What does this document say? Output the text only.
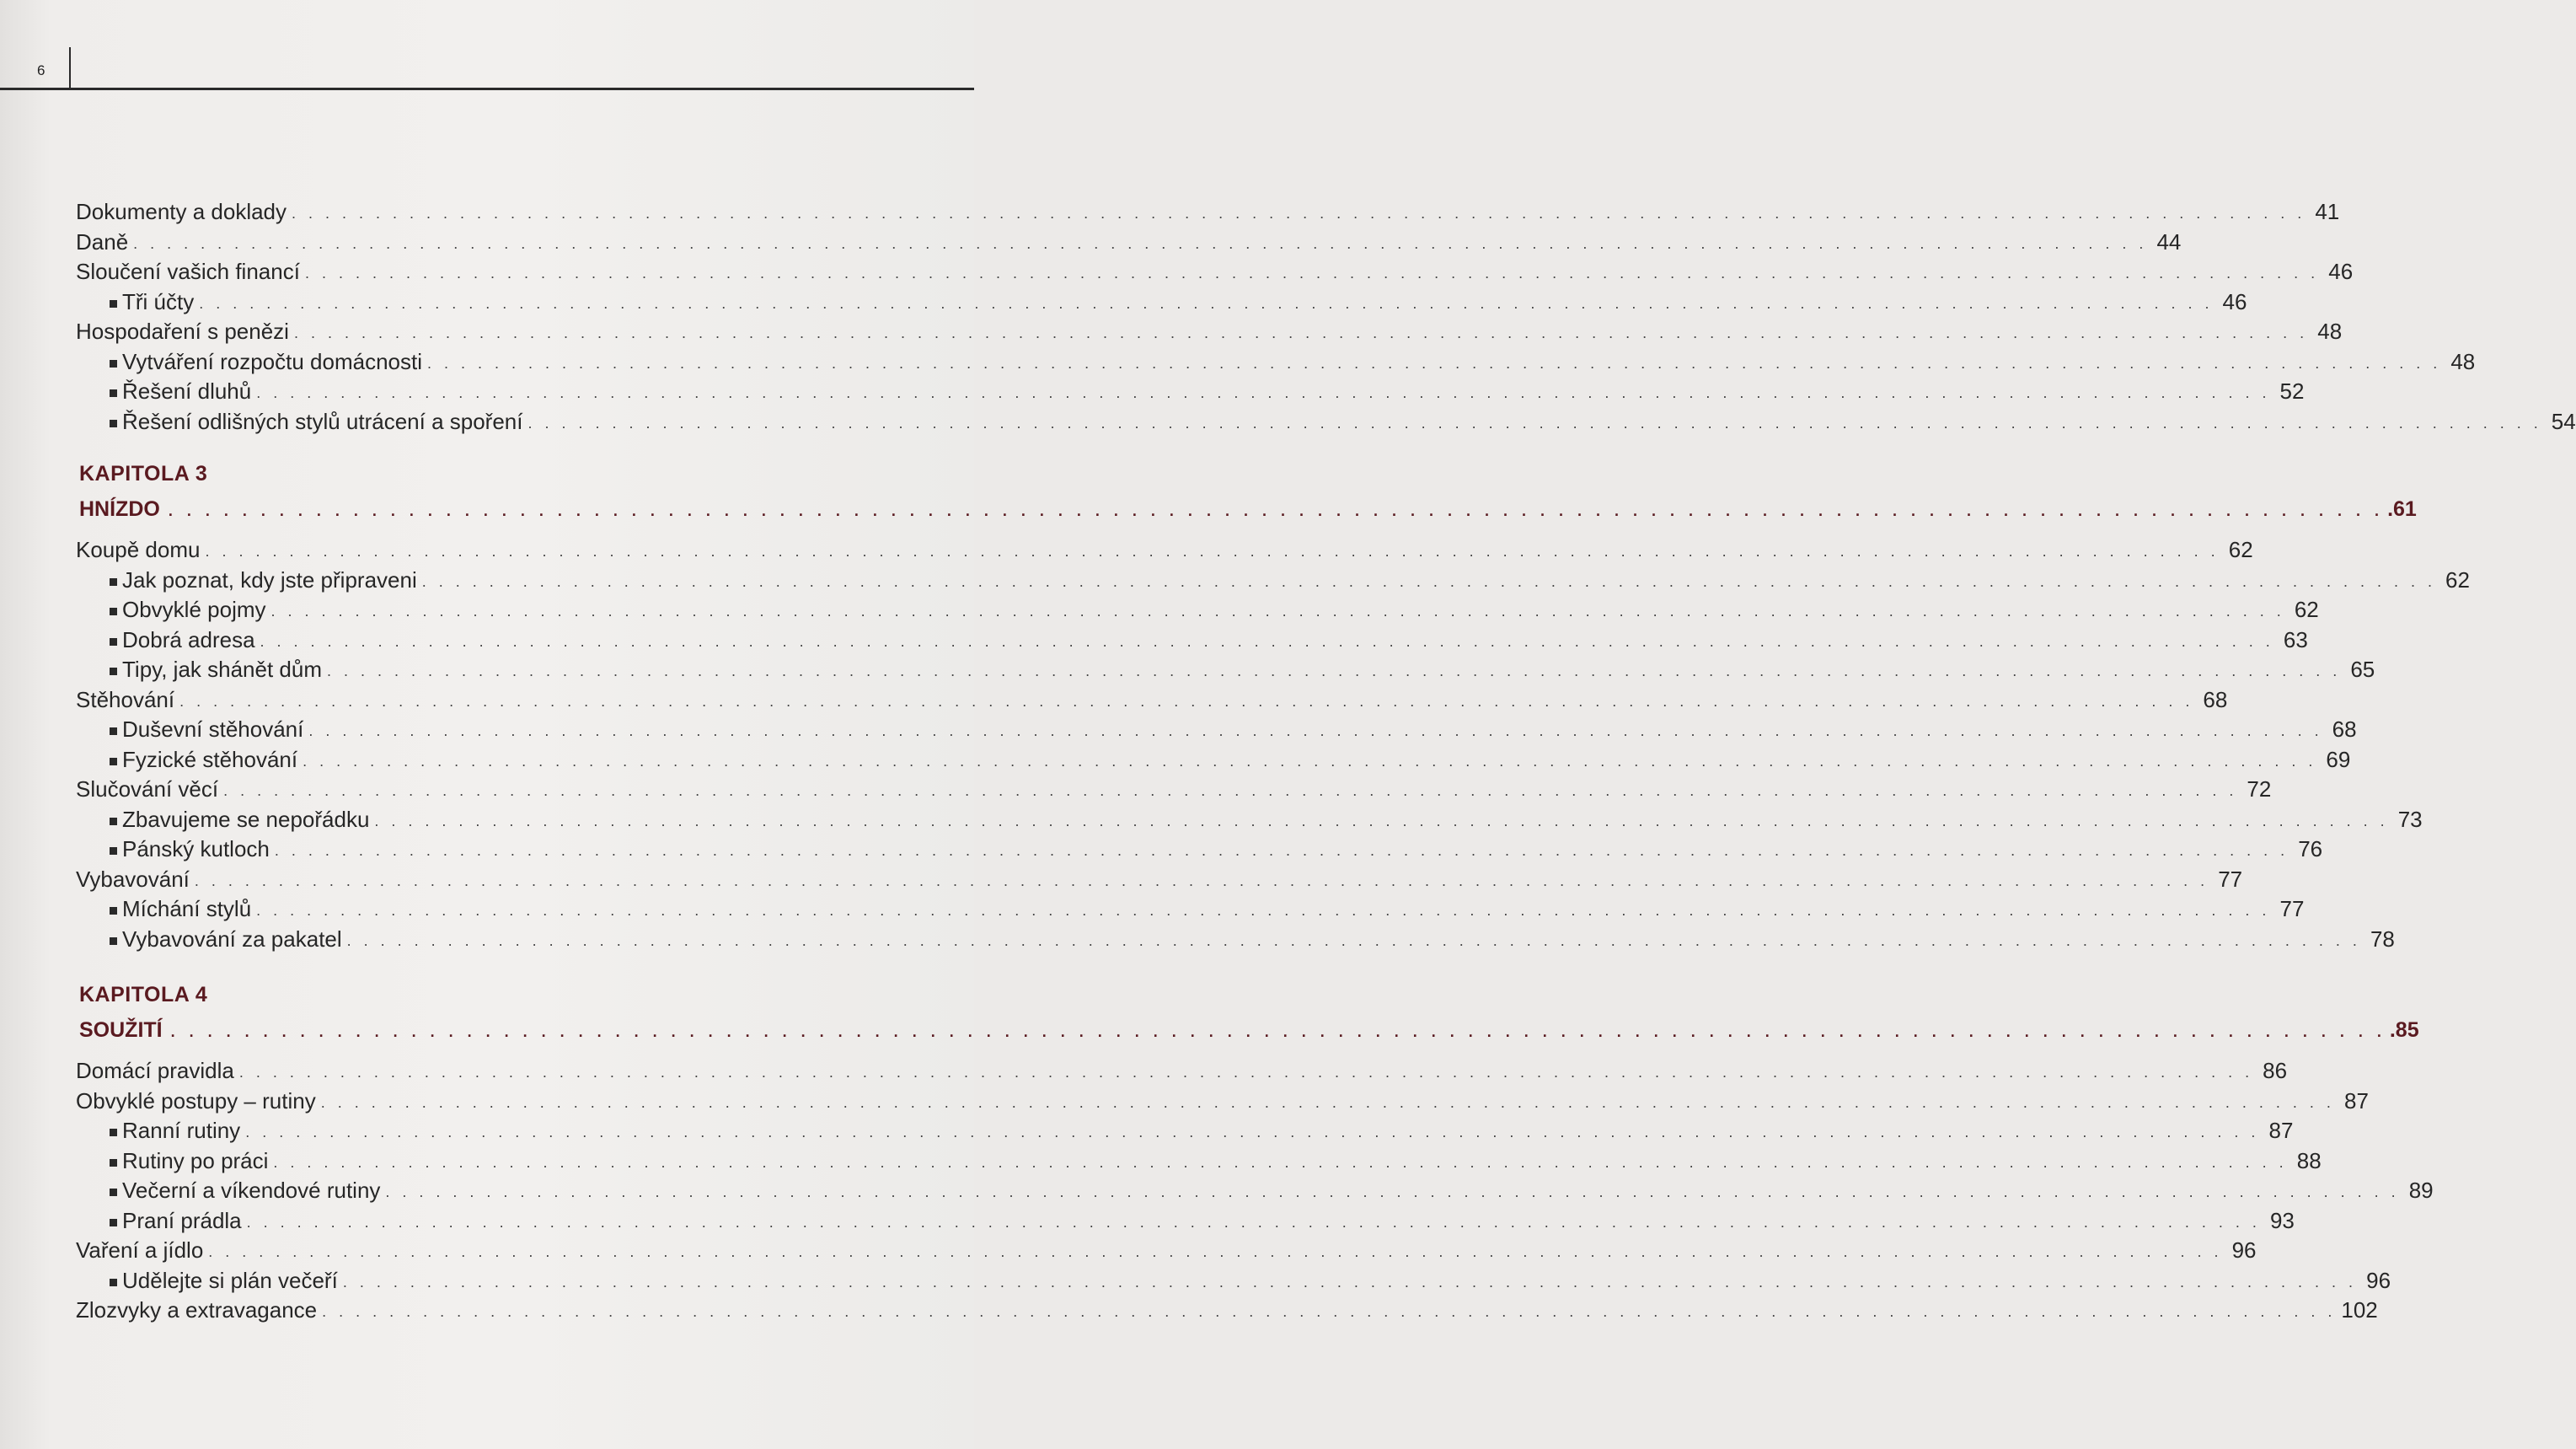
6
Dokumenty a doklady . . . . . . . . . . . . . . . . . . . . . . . . . . . . . . . . . . . . . . . . . . . . . . . . . . . . . . . . . . . . . . . . . . . . . . . . . . . . . . . . . . . . . . . . . . . . . . . . . . . . . . . . . . . . . . . . . . . . . . . . 41
Daně . . . . . . . . . . . . . . . . . . . . . . . . . . . . . . . . . . . . . . . . . . . . . . . . . . . . . . . . . . . . . . . . . . . . . . . . . . . . . . . . . . . . . . . . . . . . . . . . . . . . . . . . . . . . . . . . . . . . . . . . 44
Sloučení vašich financí . . . . . . . . . . . . . . . . . . . . . . . . . . . . . . . . . . . . . . . . . . . . . . . . . . . . . . . . . . . . . . . . . . . . . . . . . . . . . . . . . . . . . . . . . . . . . . . . . . . . . . . . . . . . . . . . . . . . . . . . 46
Tři účty . . . . . . . . . . . . . . . . . . . . . . . . . . . . . . . . . . . . . . . . . . . . . . . . . . . . . . . . . . . . . . . . . . . . . . . . . . . . . . . . . . . . . . . . . . . . . . . . . . . . . . . . . . . . . . . . . . . . . . . . 46
Hospodaření s penězi . . . . . . . . . . . . . . . . . . . . . . . . . . . . . . . . . . . . . . . . . . . . . . . . . . . . . . . . . . . . . . . . . . . . . . . . . . . . . . . . . . . . . . . . . . . . . . . . . . . . . . . . . . . . . . . . . . . . . . . . 48
Vytváření rozpočtu domácnosti . . . . . . . . . . . . . . . . . . . . . . . . . . . . . . . . . . . . . . . . . . . . . . . . . . . . . . . . . . . . . . . . . . . . . . . . . . . . . . . . . . . . . . . . . . . . . . . . . . . . . . . . . . . . . . . . . . . . . . . . 48
Řešení dluhů . . . . . . . . . . . . . . . . . . . . . . . . . . . . . . . . . . . . . . . . . . . . . . . . . . . . . . . . . . . . . . . . . . . . . . . . . . . . . . . . . . . . . . . . . . . . . . . . . . . . . . . . . . . . . . . . . . . . . . . . 52
Řešení odlišných stylů utrácení a spoření . . . . . . . . . . . . . . . . . . . . . . . . . . . . . . . . . . . . . . . . . . . . . . . . . . . . . . . . . . . . . . . . . . . . . . . . . . . . . . . . . . . . . . . . . . . . . . . . . . . . . . . . . . . . . . . . . . . . . . . . 54
KAPITOLA 3
HNÍZDO . . . . . . . . . . . . . . . . . . . . . . . . . . . . . . . . . . . . . . . . . . . . . . . . . . . . . . . . . . . . . . . . . . . . . . . . . . . . . . . . . . . . . . . . . . . . . . . . . . . . . . . . . . . . . . . . . . . . . . . . .61
Koupě domu . . . . . . . . . . . . . . . . . . . . . . . . . . . . . . . . . . . . . . . . . . . . . . . . . . . . . . . . . . . . . . . . . . . . . . . . . . . . . . . . . . . . . . . . . . . . . . . . . . . . . . . . . . . . . . . . . . . . . . . . 62
Jak poznat, kdy jste připraveni . . . . . . . . . . . . . . . . . . . . . . . . . . . . . . . . . . . . . . . . . . . . . . . . . . . . . . . . . . . . . . . . . . . . . . . . . . . . . . . . . . . . . . . . . . . . . . . . . . . . . . . . . . . . . . . . . . . . . . . . 62
Obvyklé pojmy . . . . . . . . . . . . . . . . . . . . . . . . . . . . . . . . . . . . . . . . . . . . . . . . . . . . . . . . . . . . . . . . . . . . . . . . . . . . . . . . . . . . . . . . . . . . . . . . . . . . . . . . . . . . . . . . . . . . . . . . 62
Dobrá adresa . . . . . . . . . . . . . . . . . . . . . . . . . . . . . . . . . . . . . . . . . . . . . . . . . . . . . . . . . . . . . . . . . . . . . . . . . . . . . . . . . . . . . . . . . . . . . . . . . . . . . . . . . . . . . . . . . . . . . . . . 63
Tipy, jak shánět dům . . . . . . . . . . . . . . . . . . . . . . . . . . . . . . . . . . . . . . . . . . . . . . . . . . . . . . . . . . . . . . . . . . . . . . . . . . . . . . . . . . . . . . . . . . . . . . . . . . . . . . . . . . . . . . . . . . . . . . . . 65
Stěhování . . . . . . . . . . . . . . . . . . . . . . . . . . . . . . . . . . . . . . . . . . . . . . . . . . . . . . . . . . . . . . . . . . . . . . . . . . . . . . . . . . . . . . . . . . . . . . . . . . . . . . . . . . . . . . . . . . . . . . . . 68
Duševní stěhování . . . . . . . . . . . . . . . . . . . . . . . . . . . . . . . . . . . . . . . . . . . . . . . . . . . . . . . . . . . . . . . . . . . . . . . . . . . . . . . . . . . . . . . . . . . . . . . . . . . . . . . . . . . . . . . . . . . . . . . . 68
Fyzické stěhování . . . . . . . . . . . . . . . . . . . . . . . . . . . . . . . . . . . . . . . . . . . . . . . . . . . . . . . . . . . . . . . . . . . . . . . . . . . . . . . . . . . . . . . . . . . . . . . . . . . . . . . . . . . . . . . . . . . . . . . . 69
Slučování věcí . . . . . . . . . . . . . . . . . . . . . . . . . . . . . . . . . . . . . . . . . . . . . . . . . . . . . . . . . . . . . . . . . . . . . . . . . . . . . . . . . . . . . . . . . . . . . . . . . . . . . . . . . . . . . . . . . . . . . . . . 72
Zbavujeme se nepořádku . . . . . . . . . . . . . . . . . . . . . . . . . . . . . . . . . . . . . . . . . . . . . . . . . . . . . . . . . . . . . . . . . . . . . . . . . . . . . . . . . . . . . . . . . . . . . . . . . . . . . . . . . . . . . . . . . . . . . . . . 73
Pánský kutloch . . . . . . . . . . . . . . . . . . . . . . . . . . . . . . . . . . . . . . . . . . . . . . . . . . . . . . . . . . . . . . . . . . . . . . . . . . . . . . . . . . . . . . . . . . . . . . . . . . . . . . . . . . . . . . . . . . . . . . . . 76
Vybavování . . . . . . . . . . . . . . . . . . . . . . . . . . . . . . . . . . . . . . . . . . . . . . . . . . . . . . . . . . . . . . . . . . . . . . . . . . . . . . . . . . . . . . . . . . . . . . . . . . . . . . . . . . . . . . . . . . . . . . . . 77
Míchání stylů . . . . . . . . . . . . . . . . . . . . . . . . . . . . . . . . . . . . . . . . . . . . . . . . . . . . . . . . . . . . . . . . . . . . . . . . . . . . . . . . . . . . . . . . . . . . . . . . . . . . . . . . . . . . . . . . . . . . . . . . 77
Vybavování za pakatel . . . . . . . . . . . . . . . . . . . . . . . . . . . . . . . . . . . . . . . . . . . . . . . . . . . . . . . . . . . . . . . . . . . . . . . . . . . . . . . . . . . . . . . . . . . . . . . . . . . . . . . . . . . . . . . . . . . . . . . . 78
KAPITOLA 4
SOUŽITÍ . . . . . . . . . . . . . . . . . . . . . . . . . . . . . . . . . . . . . . . . . . . . . . . . . . . . . . . . . . . . . . . . . . . . . . . . . . . . . . . . . . . . . . . . . . . . . . . . . . . . . . . . . . . . . . . . . . . . . . . . .85
Domácí pravidla . . . . . . . . . . . . . . . . . . . . . . . . . . . . . . . . . . . . . . . . . . . . . . . . . . . . . . . . . . . . . . . . . . . . . . . . . . . . . . . . . . . . . . . . . . . . . . . . . . . . . . . . . . . . . . . . . . . . . . . . 86
Obvyklé postupy – rutiny . . . . . . . . . . . . . . . . . . . . . . . . . . . . . . . . . . . . . . . . . . . . . . . . . . . . . . . . . . . . . . . . . . . . . . . . . . . . . . . . . . . . . . . . . . . . . . . . . . . . . . . . . . . . . . . . . . . . . . . . 87
Ranní rutiny . . . . . . . . . . . . . . . . . . . . . . . . . . . . . . . . . . . . . . . . . . . . . . . . . . . . . . . . . . . . . . . . . . . . . . . . . . . . . . . . . . . . . . . . . . . . . . . . . . . . . . . . . . . . . . . . . . . . . . . . 87
Rutiny po práci . . . . . . . . . . . . . . . . . . . . . . . . . . . . . . . . . . . . . . . . . . . . . . . . . . . . . . . . . . . . . . . . . . . . . . . . . . . . . . . . . . . . . . . . . . . . . . . . . . . . . . . . . . . . . . . . . . . . . . . . 88
Večerní a víkendové rutiny . . . . . . . . . . . . . . . . . . . . . . . . . . . . . . . . . . . . . . . . . . . . . . . . . . . . . . . . . . . . . . . . . . . . . . . . . . . . . . . . . . . . . . . . . . . . . . . . . . . . . . . . . . . . . . . . . . . . . . . . 89
Praní prádla . . . . . . . . . . . . . . . . . . . . . . . . . . . . . . . . . . . . . . . . . . . . . . . . . . . . . . . . . . . . . . . . . . . . . . . . . . . . . . . . . . . . . . . . . . . . . . . . . . . . . . . . . . . . . . . . . . . . . . . . 93
Vaření a jídlo . . . . . . . . . . . . . . . . . . . . . . . . . . . . . . . . . . . . . . . . . . . . . . . . . . . . . . . . . . . . . . . . . . . . . . . . . . . . . . . . . . . . . . . . . . . . . . . . . . . . . . . . . . . . . . . . . . . . . . . . 96
Udělejte si plán večeří . . . . . . . . . . . . . . . . . . . . . . . . . . . . . . . . . . . . . . . . . . . . . . . . . . . . . . . . . . . . . . . . . . . . . . . . . . . . . . . . . . . . . . . . . . . . . . . . . . . . . . . . . . . . . . . . . . . . . . . . 96
Zlozvyky a extravagance . . . . . . . . . . . . . . . . . . . . . . . . . . . . . . . . . . . . . . . . . . . . . . . . . . . . . . . . . . . . . . . . . . . . . . . . . . . . . . . . . . . . . . . . . . . . . . . . . . . . . . . . . . . . . . . . . . . . . . . . 102
